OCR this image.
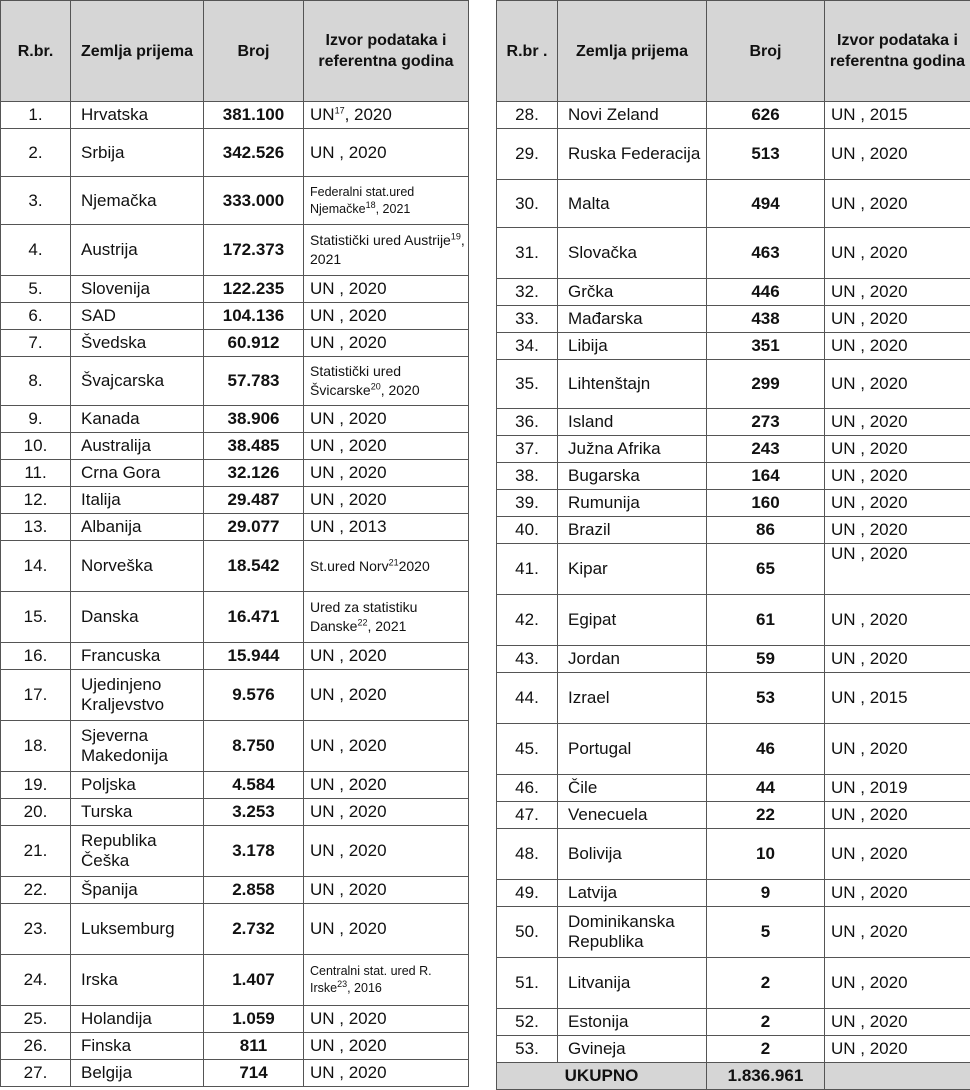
R.br.	Zemlja prijema	Broj	Izvor podataka i referentna godina
1.	Hrvatska	381.100	UN$^{17}$, 2020
2.	Srbija	342.526	UN , 2020
3.	Njemačka	333.000	Federalni stat.ured Njemačke$^{18}$, 2021
4.	Austrija	172.373	Statistički ured Austrije$^{19}$, 2021
5.	Slovenija	122.235	UN , 2020
6.	SAD	104.136	UN , 2020
7.	Švedska	60.912	UN , 2020
8.	Švajcarska	57.783	Statistički ured Švicarske$^{20}$, 2020
9.	Kanada	38.906	UN , 2020
10.	Australija	38.485	UN , 2020
11.	Crna Gora	32.126	UN , 2020
12.	Italija	29.487	UN , 2020
13.	Albanija	29.077	UN , 2013
14.	Norveška	18.542	St.ured Norv$^{21}$2020
15.	Danska	16.471	Ured za statistiku Danske$^{22}$, 2021
16.	Francuska	15.944	UN , 2020
17.	Ujedinjeno Kraljevstvo	9.576	UN , 2020
18.	Sjeverna Makedonija	8.750	UN , 2020
19.	Poljska	4.584	UN , 2020
20.	Turska	3.253	UN , 2020
21.	Republika Češka	3.178	UN , 2020
22.	Španija	2.858	UN , 2020
23.	Luksemburg	2.732	UN , 2020
24.	Irska	1.407	Centralni stat. ured R. Irske$^{23}$, 2016
25.	Holandija	1.059	UN , 2020
26.	Finska	811	UN , 2020
27.	Belgija	714	UN , 2020
R.br .	Zemlja prijema	Broj	Izvor podataka i referentna godina
28.	Novi Zeland	626	UN , 2015
29.	Ruska Federacija	513	UN , 2020
30.	Malta	494	UN , 2020
31.	Slovačka	463	UN , 2020
32.	Grčka	446	UN , 2020
33.	Mađarska	438	UN , 2020
34.	Libija	351	UN , 2020
35.	Lihtenštajn	299	UN , 2020
36.	Island	273	UN , 2020
37.	Južna Afrika	243	UN , 2020
38.	Bugarska	164	UN , 2020
39.	Rumunija	160	UN , 2020
40.	Brazil	86	UN , 2020
41.	Kipar	65	UN , 2020
42.	Egipat	61	UN , 2020
43.	Jordan	59	UN , 2020
44.	Izrael	53	UN , 2015
45.	Portugal	46	UN , 2020
46.	Čile	44	UN , 2019
47.	Venecuela	22	UN , 2020
48.	Bolivija	10	UN , 2020
49.	Latvija	9	UN , 2020
50.	Dominikanska Republika	5	UN , 2020
51.	Litvanija	2	UN , 2020
52.	Estonija	2	UN , 2020
53.	Gvineja	2	UN , 2020
UKUPNO		1.836.961	
